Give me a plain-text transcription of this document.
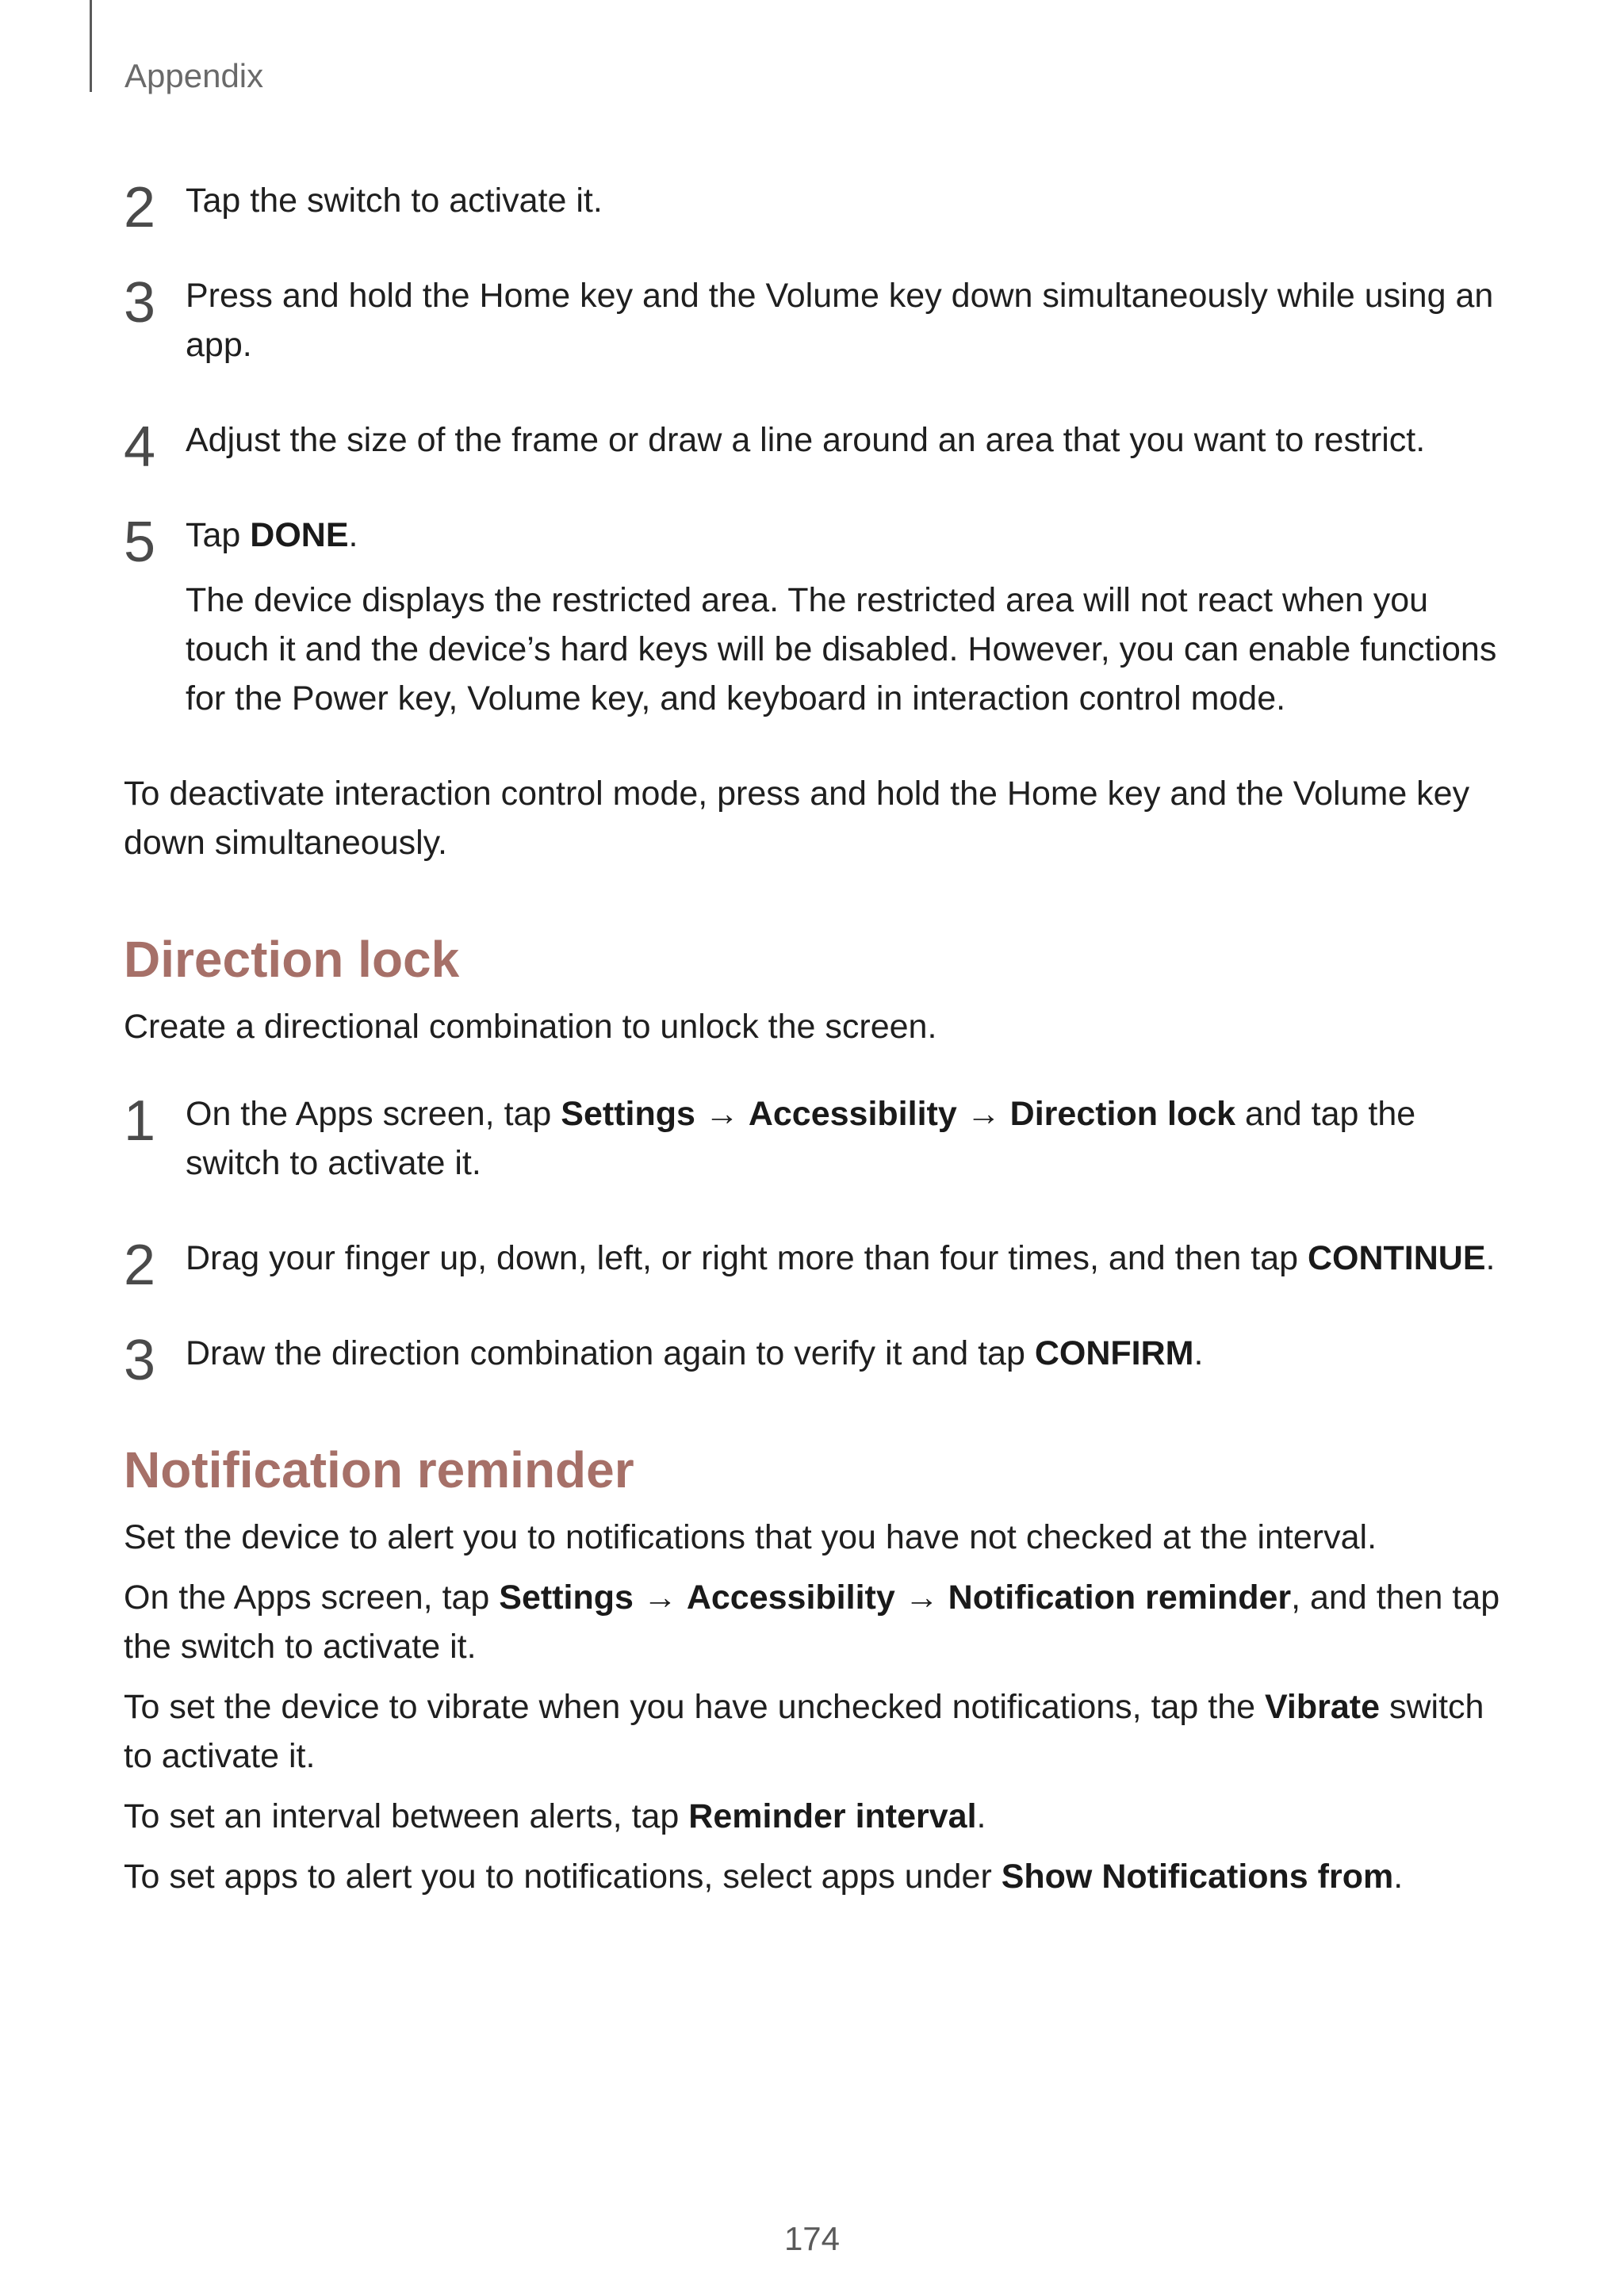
Appendix
2 Tap the switch to activate it.
3 Press and hold the Home key and the Volume key down simultaneously while using an app.
4 Adjust the size of the frame or draw a line around an area that you want to restrict.
5 Tap DONE.

The device displays the restricted area. The restricted area will not react when you touch it and the device’s hard keys will be disabled. However, you can enable functions for the Power key, Volume key, and keyboard in interaction control mode.

To deactivate interaction control mode, press and hold the Home key and the Volume key down simultaneously.

Direction lock

Create a directional combination to unlock the screen.

1 On the Apps screen, tap Settings → Accessibility → Direction lock and tap the switch to activate it.
2 Drag your finger up, down, left, or right more than four times, and then tap CONTINUE.
3 Draw the direction combination again to verify it and tap CONFIRM.
Notification reminder

Set the device to alert you to notifications that you have not checked at the interval.

On the Apps screen, tap Settings → Accessibility → Notification reminder, and then tap the switch to activate it.

To set the device to vibrate when you have unchecked notifications, tap the Vibrate switch to activate it.

To set an interval between alerts, tap Reminder interval.

To set apps to alert you to notifications, select apps under Show Notifications from.

174
